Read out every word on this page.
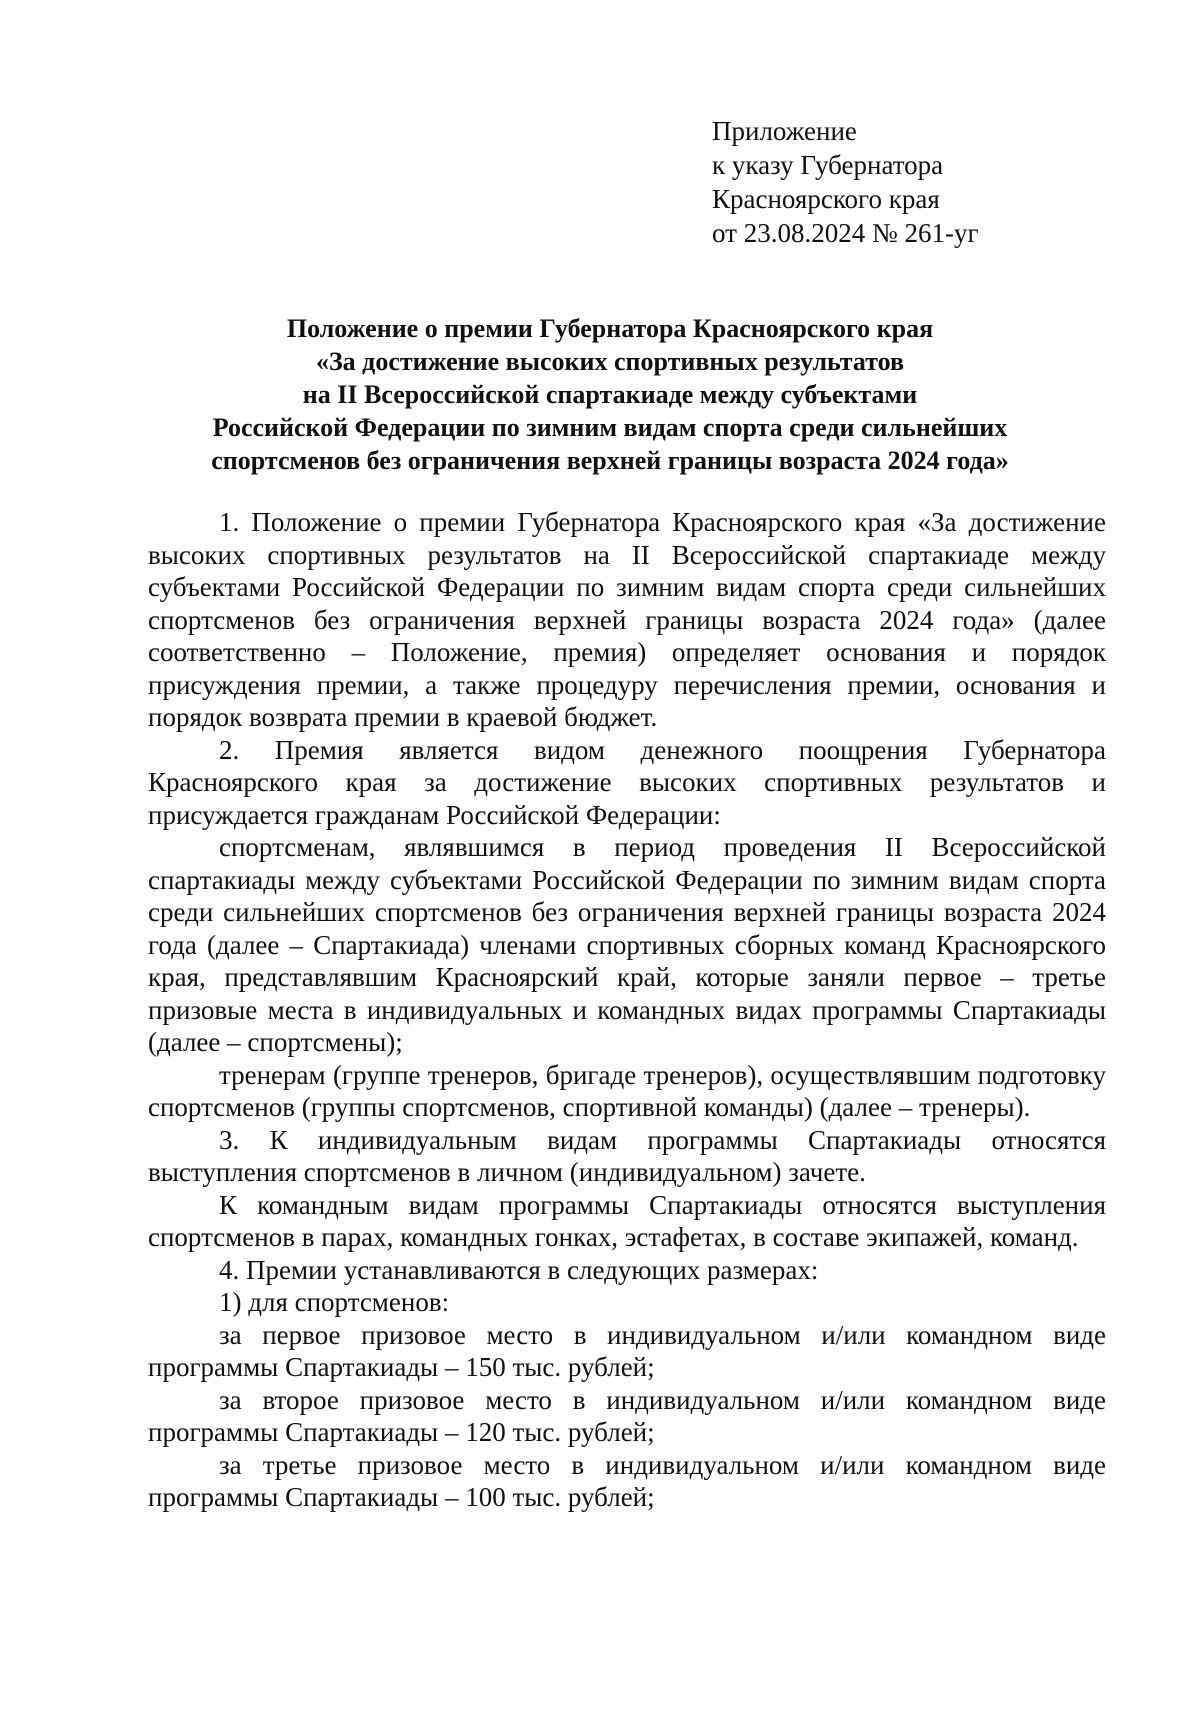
Приложение
к указу Губернатора
Красноярского края
от 23.08.2024 № 261-уг
Положение о премии Губернатора Красноярского края
«За достижение высоких спортивных результатов
на II Всероссийской спартакиаде между субъектами
Российской Федерации по зимним видам спорта среди сильнейших
спортсменов без ограничения верхней границы возраста 2024 года»

1. Положение о премии Губернатора Красноярского края «За достижение высоких спортивных результатов на II Всероссийской спартакиаде между субъектами Российской Федерации по зимним видам спорта среди сильнейших спортсменов без ограничения верхней границы возраста 2024 года» (далее соответственно – Положение, премия) определяет основания и порядок присуждения премии, а также процедуру перечисления премии, основания и порядок возврата премии в краевой бюджет.

2. Премия является видом денежного поощрения Губернатора Красноярского края за достижение высоких спортивных результатов и присуждается гражданам Российской Федерации:

спортсменам, являвшимся в период проведения II Всероссийской спартакиады между субъектами Российской Федерации по зимним видам спорта среди сильнейших спортсменов без ограничения верхней границы возраста 2024 года (далее – Спартакиада) членами спортивных сборных команд Красноярского края, представлявшим Красноярский край, которые заняли первое – третье призовые места в индивидуальных и командных видах программы Спартакиады (далее – спортсмены);

тренерам (группе тренеров, бригаде тренеров), осуществлявшим подготовку спортсменов (группы спортсменов, спортивной команды) (далее – тренеры).

3. К индивидуальным видам программы Спартакиады относятся выступления спортсменов в личном (индивидуальном) зачете.

К командным видам программы Спартакиады относятся выступления спортсменов в парах, командных гонках, эстафетах, в составе экипажей, команд.

4. Премии устанавливаются в следующих размерах:

1) для спортсменов:

за первое призовое место в индивидуальном и/или командном виде программы Спартакиады – 150 тыс. рублей;

за второе призовое место в индивидуальном и/или командном виде программы Спартакиады – 120 тыс. рублей;

за третье призовое место в индивидуальном и/или командном виде программы Спартакиады – 100 тыс. рублей;
